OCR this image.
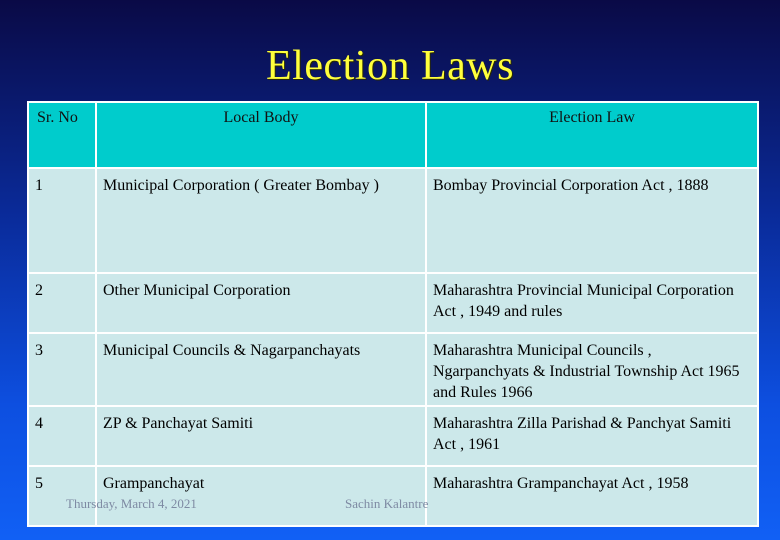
Election Laws
Sr. No	Local Body	Election Law
1	Municipal Corporation ( Greater Bombay )	Bombay Provincial Corporation Act , 1888
2	Other Municipal Corporation	Maharashtra Provincial Municipal Corporation Act , 1949 and rules
3	Municipal Councils & Nagarpanchayats	Maharashtra Municipal Councils , Ngarpanchyats & Industrial Township Act 1965 and Rules 1966
4	ZP & Panchayat Samiti	Maharashtra Zilla Parishad & Panchyat Samiti Act , 1961
5	Grampanchayat	Maharashtra Grampanchayat Act , 1958
Thursday, March 4, 2021	Sachin Kalantre
